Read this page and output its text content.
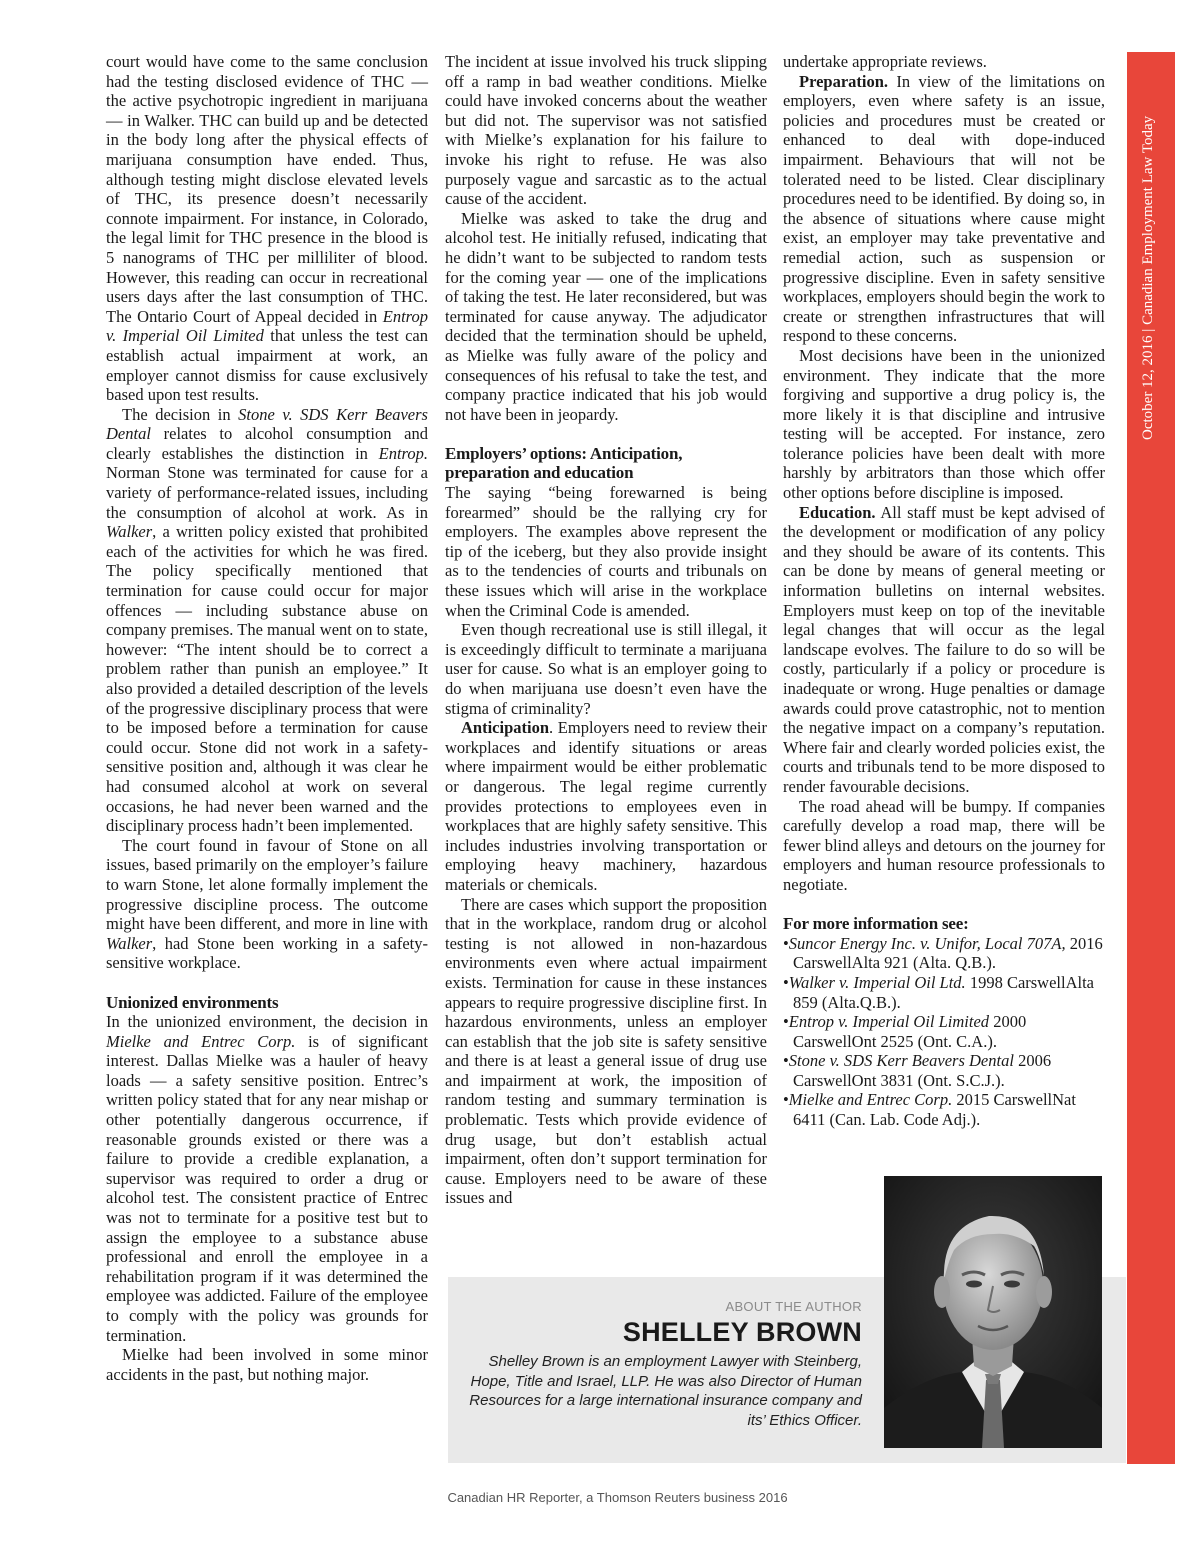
court would have come to the same conclusion had the testing disclosed evidence of THC — the active psychotropic ingredient in marijuana — in Walker. THC can build up and be detected in the body long after the physical effects of marijuana consumption have ended. Thus, although testing might disclose elevated levels of THC, its presence doesn’t necessarily connote impairment. For instance, in Colorado, the legal limit for THC presence in the blood is 5 nanograms of THC per milliliter of blood. However, this reading can occur in recreational users days after the last consumption of THC. The Ontario Court of Appeal decided in Entrop v. Imperial Oil Limited that unless the test can establish actual impairment at work, an employer cannot dismiss for cause exclusively based upon test results.

The decision in Stone v. SDS Kerr Beavers Dental relates to alcohol consumption and clearly establishes the distinction in Entrop. Norman Stone was terminated for cause for a variety of performance-related issues, including the consumption of alcohol at work. As in Walker, a written policy existed that prohibited each of the activities for which he was fired. The policy specifically mentioned that termination for cause could occur for major offences — including substance abuse on company premises. The manual went on to state, however: “The intent should be to correct a problem rather than punish an employee.” It also provided a detailed description of the levels of the progressive disciplinary process that were to be imposed before a termination for cause could occur. Stone did not work in a safety-sensitive position and, although it was clear he had consumed alcohol at work on several occasions, he had never been warned and the disciplinary process hadn’t been implemented.

The court found in favour of Stone on all issues, based primarily on the employer’s failure to warn Stone, let alone formally implement the progressive discipline process. The outcome might have been different, and more in line with Walker, had Stone been working in a safety-sensitive workplace.

Unionized environments

In the unionized environment, the decision in Mielke and Entrec Corp. is of significant interest. Dallas Mielke was a hauler of heavy loads — a safety sensitive position. Entrec’s written policy stated that for any near mishap or other potentially dangerous occurrence, if reasonable grounds existed or there was a failure to provide a credible explanation, a supervisor was required to order a drug or alcohol test. The consistent practice of Entrec was not to terminate for a positive test but to assign the employee to a substance abuse professional and enroll the employee in a rehabilitation program if it was determined the employee was addicted. Failure of the employee to comply with the policy was grounds for termination.

Mielke had been involved in some minor accidents in the past, but nothing major.

The incident at issue involved his truck slipping off a ramp in bad weather conditions. Mielke could have invoked concerns about the weather but did not. The supervisor was not satisfied with Mielke’s explanation for his failure to invoke his right to refuse. He was also purposely vague and sarcastic as to the actual cause of the accident.

Mielke was asked to take the drug and alcohol test. He initially refused, indicating that he didn’t want to be subjected to random tests for the coming year — one of the implications of taking the test. He later reconsidered, but was terminated for cause anyway. The adjudicator decided that the termination should be upheld, as Mielke was fully aware of the policy and consequences of his refusal to take the test, and company practice indicated that his job would not have been in jeopardy.

Employers’ options: Anticipation, preparation and education

The saying “being forewarned is being forearmed” should be the rallying cry for employers. The examples above represent the tip of the iceberg, but they also provide insight as to the tendencies of courts and tribunals on these issues which will arise in the workplace when the Criminal Code is amended.

Even though recreational use is still illegal, it is exceedingly difficult to terminate a marijuana user for cause. So what is an employer going to do when marijuana use doesn’t even have the stigma of criminality?

Anticipation. Employers need to review their workplaces and identify situations or areas where impairment would be either problematic or dangerous. The legal regime currently provides protections to employees even in workplaces that are highly safety sensitive. This includes industries involving transportation or employing heavy machinery, hazardous materials or chemicals.

There are cases which support the proposition that in the workplace, random drug or alcohol testing is not allowed in non-hazardous environments even where actual impairment exists. Termination for cause in these instances appears to require progressive discipline first. In hazardous environments, unless an employer can establish that the job site is safety sensitive and there is at least a general issue of drug use and impairment at work, the imposition of random testing and summary termination is problematic. Tests which provide evidence of drug usage, but don’t establish actual impairment, often don’t support termination for cause. Employers need to be aware of these issues and

undertake appropriate reviews.

Preparation. In view of the limitations on employers, even where safety is an issue, policies and procedures must be created or enhanced to deal with dope-induced impairment. Behaviours that will not be tolerated need to be listed. Clear disciplinary procedures need to be identified. By doing so, in the absence of situations where cause might exist, an employer may take preventative and remedial action, such as suspension or progressive discipline. Even in safety sensitive workplaces, employers should begin the work to create or strengthen infrastructures that will respond to these concerns.

Most decisions have been in the unionized environment. They indicate that the more forgiving and supportive a drug policy is, the more likely it is that discipline and intrusive testing will be accepted. For instance, zero tolerance policies have been dealt with more harshly by arbitrators than those which offer other options before discipline is imposed.

Education. All staff must be kept advised of the development or modification of any policy and they should be aware of its contents. This can be done by means of general meeting or information bulletins on internal websites. Employers must keep on top of the inevitable legal changes that will occur as the legal landscape evolves. The failure to do so will be costly, particularly if a policy or procedure is inadequate or wrong. Huge penalties or damage awards could prove catastrophic, not to mention the negative impact on a company’s reputation. Where fair and clearly worded policies exist, the courts and tribunals tend to be more disposed to render favourable decisions.

The road ahead will be bumpy. If companies carefully develop a road map, there will be fewer blind alleys and detours on the journey for employers and human resource professionals to negotiate.

For more information see:
•Suncor Energy Inc. v. Unifor, Local 707A, 2016 CarswellAlta 921 (Alta. Q.B.).
•Walker v. Imperial Oil Ltd. 1998 CarswellAlta 859 (Alta.Q.B.).
•Entrop v. Imperial Oil Limited 2000 CarswellOnt 2525 (Ont. C.A.).
•Stone v. SDS Kerr Beavers Dental 2006 CarswellOnt 3831 (Ont. S.C.J.).
•Mielke and Entrec Corp. 2015 CarswellNat 6411 (Can. Lab. Code Adj.).
October 12, 2016 | Canadian Employment Law Today
ABOUT THE AUTHOR
SHELLEY BROWN
Shelley Brown is an employment Lawyer with Steinberg, Hope, Title and Israel, LLP. He was also Director of Human Resources for a large international insurance company and its’ Ethics Officer.
Canadian HR Reporter, a Thomson Reuters business 2016
